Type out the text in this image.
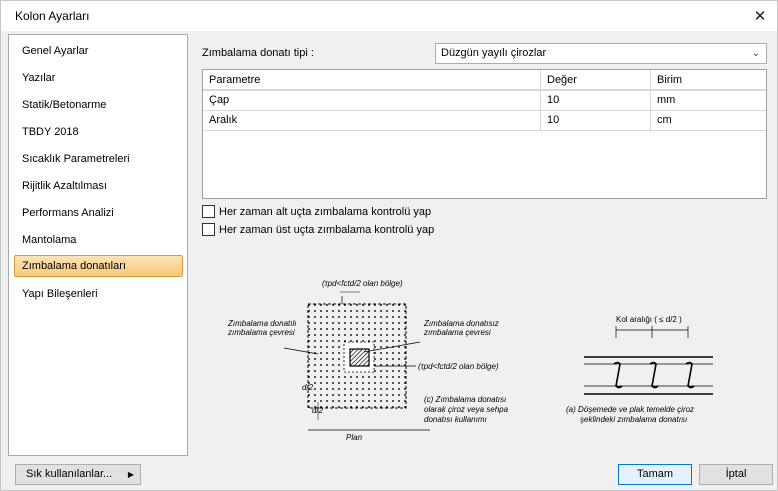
Kolon Ayarları	✕
Genel Ayarlar
Yazılar
Statik/Betonarme
TBDY 2018
Sıcaklık Parametreleri
Rijitlik Azaltılması
Performans Analizi
Mantolama
Zımbalama donatıları
Yapı Bileşenleri
Zımbalama donatı tipi :	Düzgün yayılı çirozlar	⌄
Parametre	Değer	Birim
Çap	10	mm
Aralık	10	cm
Her zaman alt uçta zımbalama kontrolü yap
Her zaman üst uçta zımbalama kontrolü yap
(τpd<fctd/2 olan bölge)
Zımbalama donatılı
zımbalama çevresi
Zımbalama donatısız
zımbalama çevresi
(τpd<fctd/2 olan bölge)
d/2
d/2
(c) Zımbalama donatısı
olarak çiroz veya sehpa
donatısı kullanımı
Plan
Kol aralığı ( ≤ d/2 )
(a) Döşemede ve plak temelde çiroz
şeklindeki zımbalama donatısı
Sık kullanılanlar... ▶	Tamam	İptal
